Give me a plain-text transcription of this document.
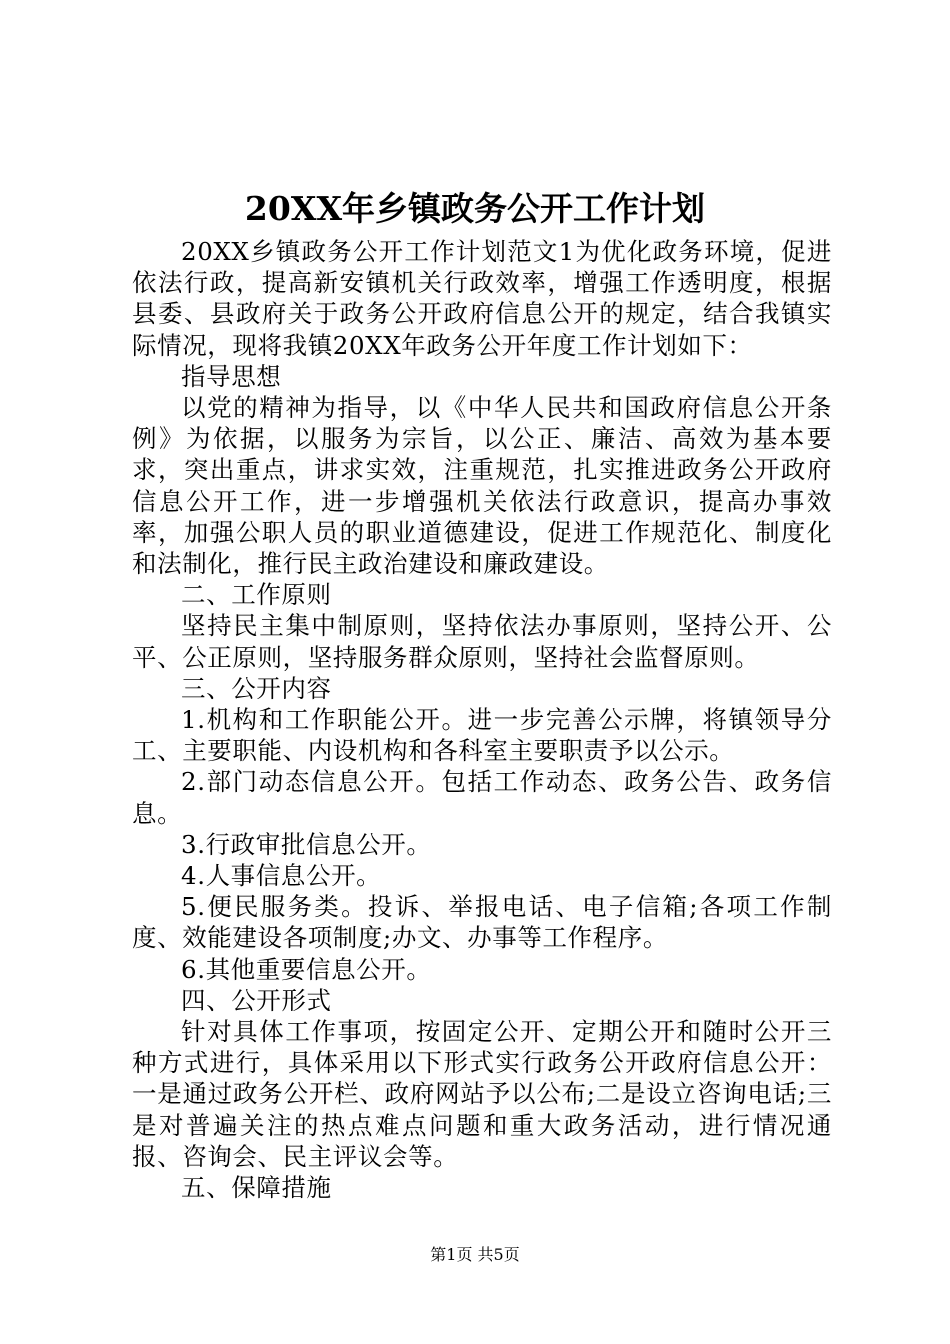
20XX年乡镇政务公开工作计划

20XX乡镇政务公开工作计划范文1为优化政务环境，促进依法行政，提高新安镇机关行政效率，增强工作透明度，根据县委、县政府关于政务公开政府信息公开的规定，结合我镇实际情况，现将我镇20XX年政务公开年度工作计划如下：

指导思想

以党的精神为指导，以《中华人民共和国政府信息公开条例》为依据，以服务为宗旨，以公正、廉洁、高效为基本要求，突出重点，讲求实效，注重规范，扎实推进政务公开政府信息公开工作，进一步增强机关依法行政意识，提高办事效率，加强公职人员的职业道德建设，促进工作规范化、制度化和法制化，推行民主政治建设和廉政建设。

二、工作原则

坚持民主集中制原则，坚持依法办事原则，坚持公开、公平、公正原则，坚持服务群众原则，坚持社会监督原则。

三、公开内容

1.机构和工作职能公开。进一步完善公示牌，将镇领导分工、主要职能、内设机构和各科室主要职责予以公示。

2.部门动态信息公开。包括工作动态、政务公告、政务信息。

3.行政审批信息公开。

4.人事信息公开。

5.便民服务类。投诉、举报电话、电子信箱;各项工作制度、效能建设各项制度;办文、办事等工作程序。

6.其他重要信息公开。

四、公开形式

针对具体工作事项，按固定公开、定期公开和随时公开三种方式进行，具体采用以下形式实行政务公开政府信息公开：一是通过政务公开栏、政府网站予以公布;二是设立咨询电话;三是对普遍关注的热点难点问题和重大政务活动，进行情况通报、咨询会、民主评议会等。

五、保障措施

第1页 共5页
